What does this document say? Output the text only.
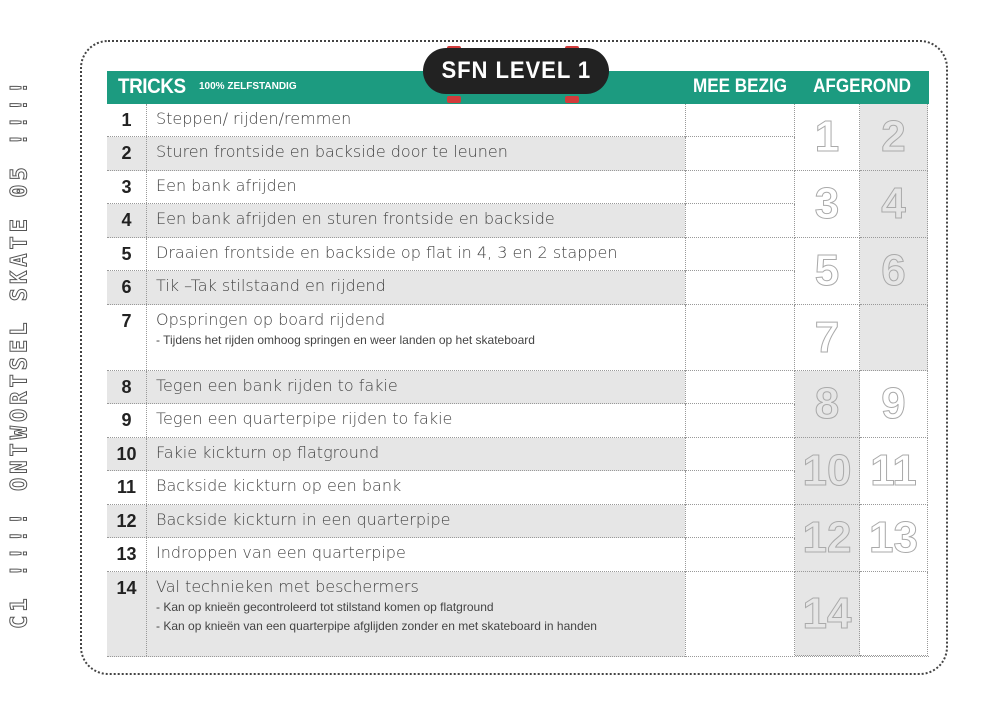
C1 !!!! ONTWORTSEL SKATE 05 !!!!	TRICKS 100% ZELFSTANDIG	MEE BEZIG	AFGEROND
SFN LEVEL 1
1	Steppen/ rijden/remmen
2	Sturen frontside en backside door te leunen
3	Een bank afrijden
4	Een bank afrijden en sturen frontside en backside
5	Draaien frontside en backside op flat in 4, 3 en 2 stappen
6	Tik –Tak stilstaand en rijdend
7	Opspringen op board rijdend
- Tijdens het rijden omhoog springen en weer landen op het skateboard
8	Tegen een bank rijden to fakie
9	Tegen een quarterpipe rijden to fakie
10	Fakie kickturn op flatground
11	Backside kickturn op een bank
12	Backside kickturn in een quarterpipe
13	Indroppen van een quarterpipe
14	Val technieken met beschermers
- Kan op knieën gecontroleerd tot stilstand komen op flatground
- Kan op knieën van een quarterpipe afglijden zonder en met skateboard in handen
1 2
3 4
5 6
7
8 9
10 11
12 13
14
